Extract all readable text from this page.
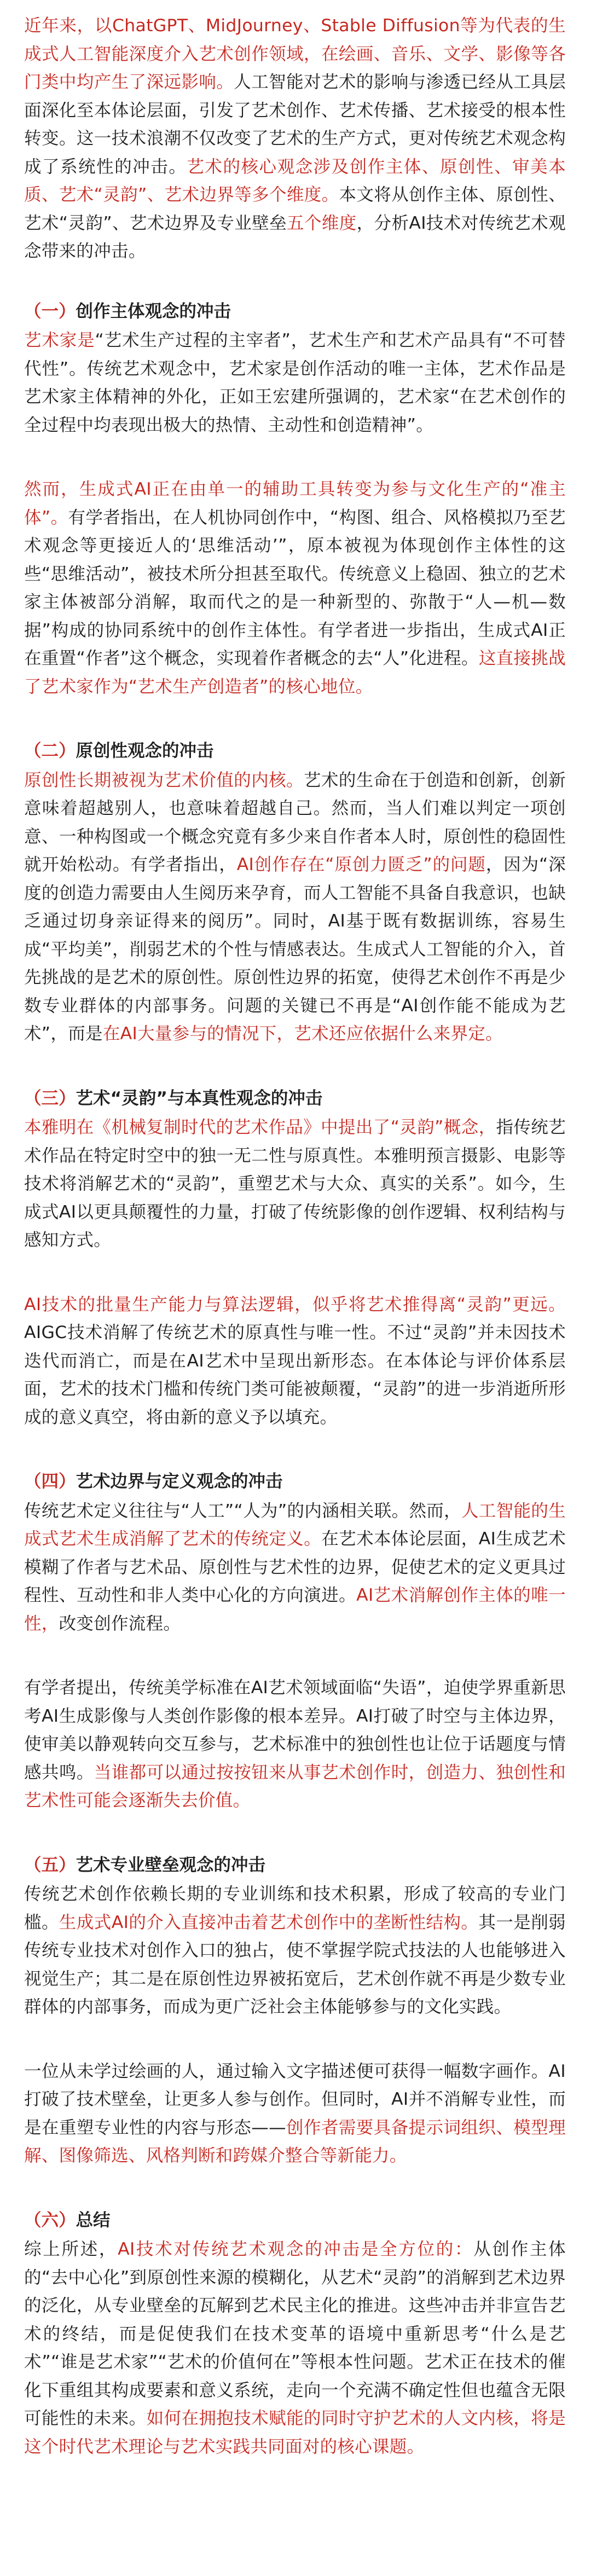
近年来，以ChatGPT、MidJourney、Stable Diffusion等为代表的生成式人工智能深度介入艺术创作领域，在绘画、音乐、文学、影像等各门类中均产生了深远影响。人工智能对艺术的影响与渗透已经从工具层面深化至本体论层面，引发了艺术创作、艺术传播、艺术接受的根本性转变。这一技术浪潮不仅改变了艺术的生产方式，更对传统艺术观念构成了系统性的冲击。艺术的核心观念涉及创作主体、原创性、审美本质、艺术“灵韵”、艺术边界等多个维度。本文将从创作主体、原创性、艺术“灵韵”、艺术边界及专业壁垒五个维度，分析AI技术对传统艺术观念带来的冲击。

（一）创作主体观念的冲击

艺术家是“艺术生产过程的主宰者”，艺术生产和艺术产品具有“不可替代性”。传统艺术观念中，艺术家是创作活动的唯一主体，艺术作品是艺术家主体精神的外化，正如王宏建所强调的，艺术家“在艺术创作的全过程中均表现出极大的热情、主动性和创造精神”。

然而，生成式AI正在由单一的辅助工具转变为参与文化生产的“准主体”。有学者指出，在人机协同创作中，“构图、组合、风格模拟乃至艺术观念等更接近人的‘思维活动’”，原本被视为体现创作主体性的这些“思维活动”，被技术所分担甚至取代。传统意义上稳固、独立的艺术家主体被部分消解，取而代之的是一种新型的、弥散于“人—机—数据”构成的协同系统中的创作主体性。有学者进一步指出，生成式AI正在重置“作者”这个概念，实现着作者概念的去“人”化进程。这直接挑战了艺术家作为“艺术生产创造者”的核心地位。

（二）原创性观念的冲击

原创性长期被视为艺术价值的内核。艺术的生命在于创造和创新，创新意味着超越别人，也意味着超越自己。然而，当人们难以判定一项创意、一种构图或一个概念究竟有多少来自作者本人时，原创性的稳固性就开始松动。有学者指出，AI创作存在“原创力匮乏”的问题，因为“深度的创造力需要由人生阅历来孕育，而人工智能不具备自我意识，也缺乏通过切身亲证得来的阅历”。同时，AI基于既有数据训练，容易生成“平均美”，削弱艺术的个性与情感表达。生成式人工智能的介入，首先挑战的是艺术的原创性。原创性边界的拓宽，使得艺术创作不再是少数专业群体的内部事务。问题的关键已不再是“AI创作能不能成为艺术”，而是在AI大量参与的情况下，艺术还应依据什么来界定。

（三）艺术“灵韵”与本真性观念的冲击

本雅明在《机械复制时代的艺术作品》中提出了“灵韵”概念，指传统艺术作品在特定时空中的独一无二性与原真性。本雅明预言摄影、电影等技术将消解艺术的“灵韵”，重塑艺术与大众、真实的关系”。如今，生成式AI以更具颠覆性的力量，打破了传统影像的创作逻辑、权利结构与感知方式。

AI技术的批量生产能力与算法逻辑，似乎将艺术推得离“灵韵”更远。AIGC技术消解了传统艺术的原真性与唯一性。不过“灵韵”并未因技术迭代而消亡，而是在AI艺术中呈现出新形态。在本体论与评价体系层面，艺术的技术门槛和传统门类可能被颠覆，“灵韵”的进一步消逝所形成的意义真空，将由新的意义予以填充。

（四）艺术边界与定义观念的冲击

传统艺术定义往往与“人工”“人为”的内涵相关联。然而，人工智能的生成式艺术生成消解了艺术的传统定义。在艺术本体论层面，AI生成艺术模糊了作者与艺术品、原创性与艺术性的边界，促使艺术的定义更具过程性、互动性和非人类中心化的方向演进。AI艺术消解创作主体的唯一性，改变创作流程。

有学者提出，传统美学标准在AI艺术领域面临“失语”，迫使学界重新思考AI生成影像与人类创作影像的根本差异。AI打破了时空与主体边界，使审美以静观转向交互参与，艺术标准中的独创性也让位于话题度与情感共鸣。当谁都可以通过按按钮来从事艺术创作时，创造力、独创性和艺术性可能会逐渐失去价值。

（五）艺术专业壁垒观念的冲击

传统艺术创作依赖长期的专业训练和技术积累，形成了较高的专业门槛。生成式AI的介入直接冲击着艺术创作中的垄断性结构。其一是削弱传统专业技术对创作入口的独占，使不掌握学院式技法的人也能够进入视觉生产；其二是在原创性边界被拓宽后，艺术创作就不再是少数专业群体的内部事务，而成为更广泛社会主体能够参与的文化实践。

一位从未学过绘画的人，通过输入文字描述便可获得一幅数字画作。AI打破了技术壁垒，让更多人参与创作。但同时，AI并不消解专业性，而是在重塑专业性的内容与形态——创作者需要具备提示词组织、模型理解、图像筛选、风格判断和跨媒介整合等新能力。

（六）总结

综上所述，AI技术对传统艺术观念的冲击是全方位的：从创作主体的“去中心化”到原创性来源的模糊化，从艺术“灵韵”的消解到艺术边界的泛化，从专业壁垒的瓦解到艺术民主化的推进。这些冲击并非宣告艺术的终结，而是促使我们在技术变革的语境中重新思考“什么是艺术”“谁是艺术家”“艺术的价值何在”等根本性问题。艺术正在技术的催化下重组其构成要素和意义系统，走向一个充满不确定性但也蕴含无限可能性的未来。如何在拥抱技术赋能的同时守护艺术的人文内核，将是这个时代艺术理论与艺术实践共同面对的核心课题。
